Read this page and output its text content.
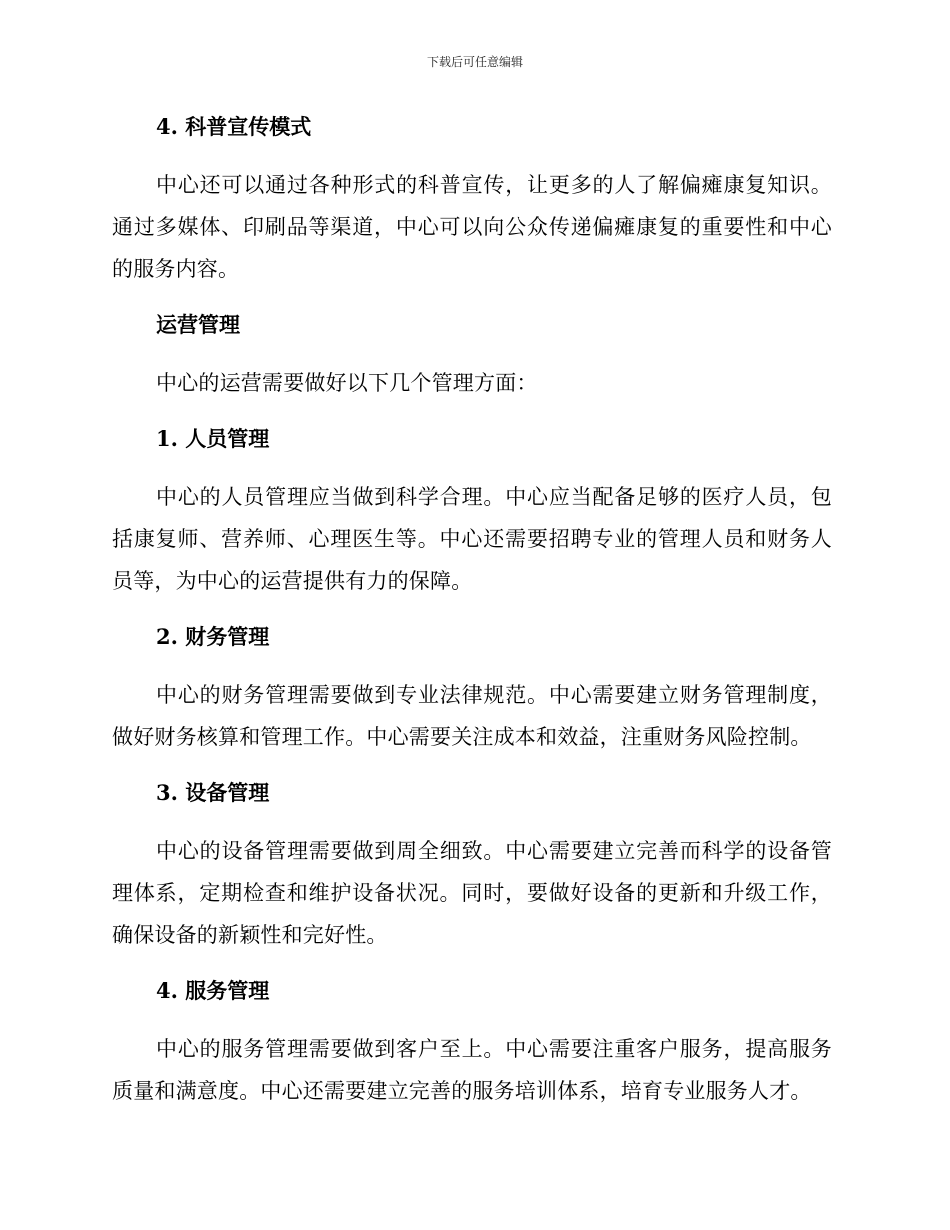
下载后可任意编辑
4. 科普宣传模式

中心还可以通过各种形式的科普宣传，让更多的人了解偏瘫康复知识。通过多媒体、印刷品等渠道，中心可以向公众传递偏瘫康复的重要性和中心的服务内容。

运营管理

中心的运营需要做好以下几个管理方面：

1. 人员管理

中心的人员管理应当做到科学合理。中心应当配备足够的医疗人员，包括康复师、营养师、心理医生等。中心还需要招聘专业的管理人员和财务人员等，为中心的运营提供有力的保障。

2. 财务管理

中心的财务管理需要做到专业法律规范。中心需要建立财务管理制度，做好财务核算和管理工作。中心需要关注成本和效益，注重财务风险控制。

3. 设备管理

中心的设备管理需要做到周全细致。中心需要建立完善而科学的设备管理体系，定期检查和维护设备状况。同时，要做好设备的更新和升级工作，确保设备的新颖性和完好性。

4. 服务管理

中心的服务管理需要做到客户至上。中心需要注重客户服务，提高服务质量和满意度。中心还需要建立完善的服务培训体系，培育专业服务人才。
